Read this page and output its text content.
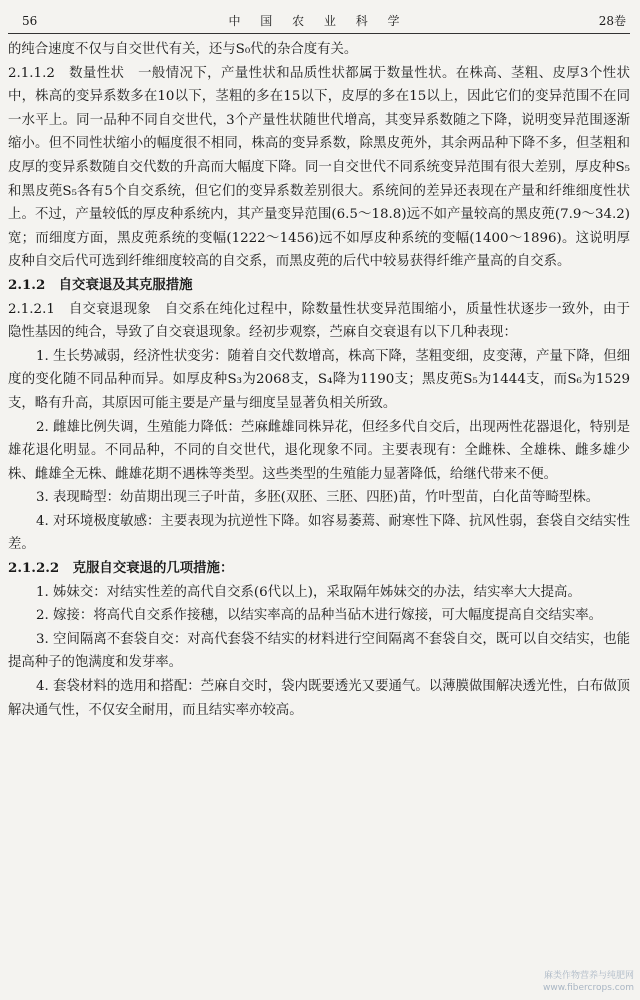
56	中 国 农 业 科 学	28卷

的纯合速度不仅与自交世代有关，还与S₀代的杂合度有关。

2.1.1.2　数量性状　一般情况下，产量性状和品质性状都属于数量性状。在株高、茎粗、皮厚3个性状中，株高的变异系数多在10以下，茎粗的多在15以下，皮厚的多在15以上，因此它们的变异范围不在同一水平上。同一品种不同自交世代，3个产量性状随世代增高，其变异系数随之下降，说明变异范围逐渐缩小。但不同性状缩小的幅度很不相同，株高的变异系数，除黑皮蔸外，其余两品种下降不多，但茎粗和皮厚的变异系数随自交代数的升高而大幅度下降。同一自交世代不同系统变异范围有很大差别，厚皮种S₅和黑皮蔸S₅各有5个自交系统，但它们的变异系数差别很大。系统间的差异还表现在产量和纤维细度性状上。不过，产量较低的厚皮种系统内，其产量变异范围(6.5～18.8)远不如产量较高的黑皮蔸(7.9～34.2)宽；而细度方面，黑皮蔸系统的变幅(1222～1456)远不如厚皮种系统的变幅(1400～1896)。这说明厚皮种自交后代可选到纤维细度较高的自交系，而黑皮蔸的后代中较易获得纤维产量高的自交系。

2.1.2　自交衰退及其克服措施

2.1.2.1　自交衰退现象　自交系在纯化过程中，除数量性状变异范围缩小，质量性状逐步一致外，由于隐性基因的纯合，导致了自交衰退现象。经初步观察，苎麻自交衰退有以下几种表现：

1. 生长势减弱，经济性状变劣：随着自交代数增高，株高下降，茎粗变细，皮变薄，产量下降，但细度的变化随不同品种而异。如厚皮种S₃为2068支，S₄降为1190支；黑皮蔸S₅为1444支，而S₆为1529支，略有升高，其原因可能主要是产量与细度呈显著负相关所致。

2. 雌雄比例失调，生殖能力降低：苎麻雌雄同株异花，但经多代自交后，出现两性花器退化，特别是雄花退化明显。不同品种，不同的自交世代，退化现象不同。主要表现有：全雌株、全雄株、雌多雄少株、雌雄全无株、雌雄花期不遇株等类型。这些类型的生殖能力显著降低，给继代带来不便。

3. 表现畸型：幼苗期出现三子叶苗，多胚(双胚、三胚、四胚)苗，竹叶型苗，白化苗等畸型株。

4. 对环境极度敏感：主要表现为抗逆性下降。如容易萎蔫、耐寒性下降、抗风性弱，套袋自交结实性差。

2.1.2.2　克服自交衰退的几项措施：

1. 姊妹交：对结实性差的高代自交系(6代以上)，采取隔年姊妹交的办法，结实率大大提高。

2. 嫁接：将高代自交系作接穗，以结实率高的品种当砧木进行嫁接，可大幅度提高自交结实率。

3. 空间隔离不套袋自交：对高代套袋不结实的材料进行空间隔离不套袋自交，既可以自交结实，也能提高种子的饱满度和发芽率。

4. 套袋材料的选用和搭配：苎麻自交时，袋内既要透光又要通气。以薄膜做围解决透光性，白布做顶解决通气性，不仅安全耐用，而且结实率亦较高。

麻类作物营养与纯肥网
www.fibercrops.com
